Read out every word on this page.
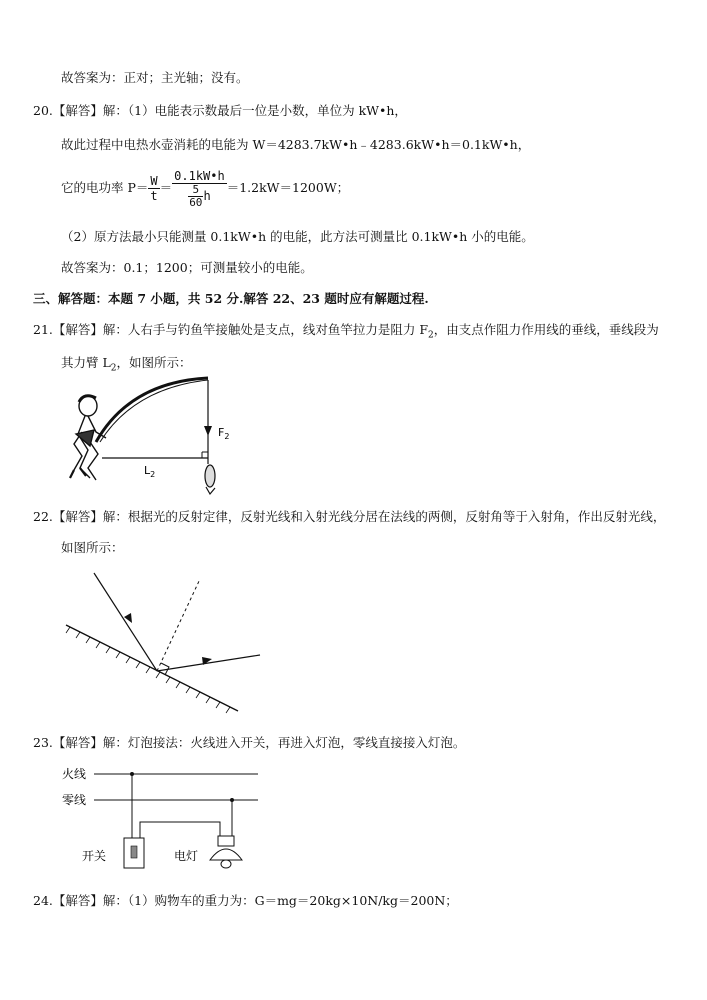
故答案为：正对；主光轴；没有。
20.【解答】解：（1）电能表示数最后一位是小数，单位为 kW•h，
故此过程中电热水壶消耗的电能为 W＝4283.7kW•h﹣4283.6kW•h＝0.1kW•h，
它的电功率 $P= \frac{W}{t} = \frac{0.1kW•h}{\frac{5}{60} h} =1.2kW=1200W$；
（2）原方法最小只能测量 0.1kW•h 的电能，此方法可测量比 0.1kW•h 小的电能。
故答案为：0.1；1200；可测量较小的电能。
三、解答题：本题 7 小题，共 52 分.解答 22、23 题时应有解题过程.
21.【解答】解：人右手与钓鱼竿接触处是支点，线对鱼竿拉力是阻力 $F_2$，由支点作阻力作用线的垂线，垂线段为
其力臂 $L_2$，如图所示：
$F_2$
$L_2$
22.【解答】解：根据光的反射定律，反射光线和入射光线分居在法线的两侧，反射角等于入射角，作出反射光线，
如图所示：
23.【解答】解：灯泡接法：火线进入开关，再进入灯泡，零线直接接入灯泡。
火线
零线
开关	电灯
24.【解答】解：（1）购物车的重力为：G＝mg＝20kg×10N/kg＝200N；
